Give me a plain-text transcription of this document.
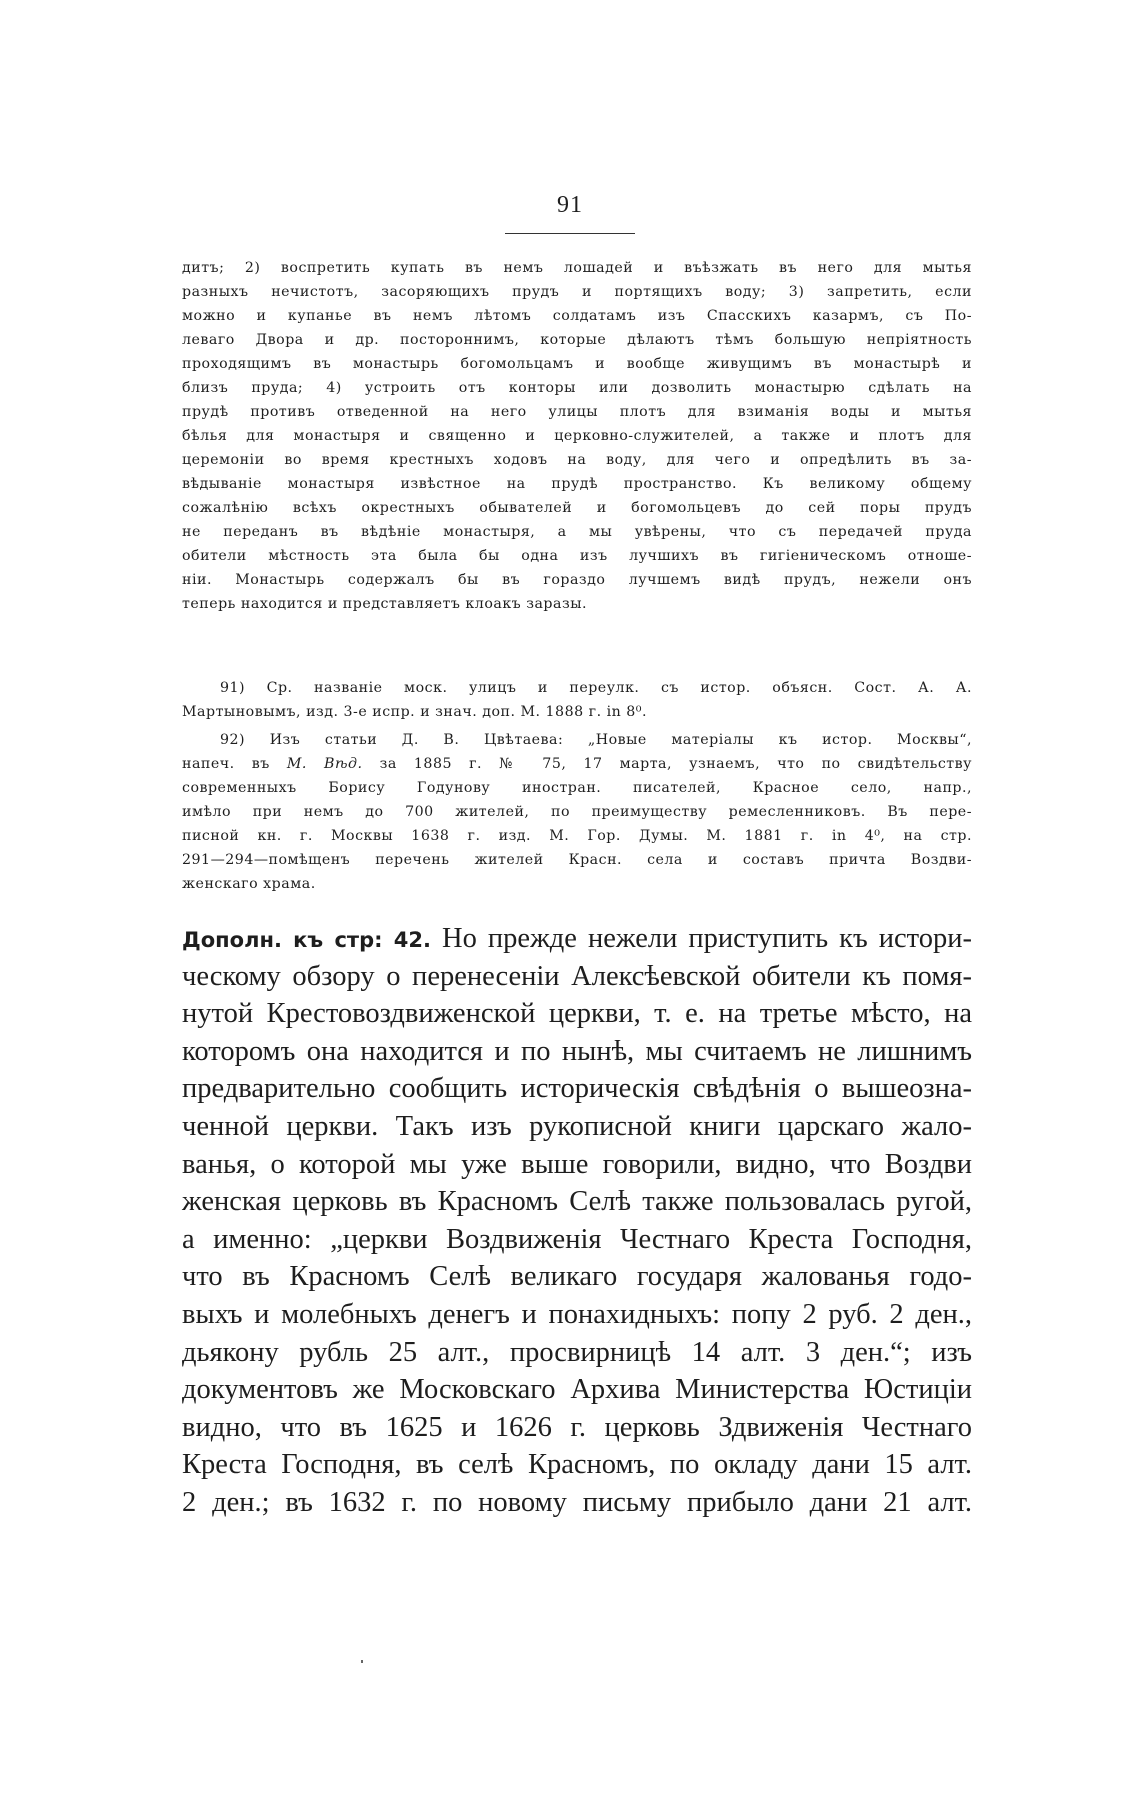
91
дитъ; 2) воспретить купать въ немъ лошадей и въѣзжать въ него для мытья
разныхъ нечистотъ, засоряющихъ прудъ и портящихъ воду; 3) запретить, если
можно и купанье въ немъ лѣтомъ солдатамъ изъ Спасскихъ казармъ, съ По-
леваго Двора и др. постороннимъ, которые дѣлаютъ тѣмъ большую непріятность
проходящимъ въ монастырь богомольцамъ и вообще живущимъ въ монастырѣ и
близъ пруда; 4) устроить отъ конторы или дозволить монастырю сдѣлать на
прудѣ противъ отведенной на него улицы плотъ для взиманія воды и мытья
бѣлья для монастыря и священно и церковно-служителей, а также и плотъ для
церемоніи во время крестныхъ ходовъ на воду, для чего и опредѣлить въ за-
вѣдываніе монастыря извѣстное на прудѣ пространство. Къ великому общему
сожалѣнію всѣхъ окрестныхъ обывателей и богомольцевъ до сей поры прудъ
не переданъ въ вѣдѣніе монастыря, а мы увѣрены, что съ передачей пруда
обители мѣстность эта была бы одна изъ лучшихъ въ гигіеническомъ отноше-
ніи. Монастырь содержалъ бы въ гораздо лучшемъ видѣ прудъ, нежели онъ
теперь находится и представляетъ клоакъ заразы.
91) Ср. названіе моск. улицъ и переулк. съ истор. объясн. Сост. А. А.
Мартыновымъ, изд. 3-е испр. и знач. доп. М. 1888 г. in 8⁰.
92) Изъ статьи Д. В. Цвѣтаева: „Новые матеріалы къ истор. Москвы“,
напеч. въ М. Вѣд. за 1885 г. № 75, 17 марта, узнаемъ, что по свидѣтельству
современныхъ Борису Годунову иностран. писателей, Красное село, напр.,
имѣло при немъ до 700 жителей, по преимуществу ремесленниковъ. Въ пере-
писной кн. г. Москвы 1638 г. изд. М. Гор. Думы. М. 1881 г. in 4⁰, на стр.
291—294—помѣщенъ перечень жителей Красн. села и составъ причта Воздви-
женскаго храма.
Дополн. къ стр: 42. Но прежде нежели приступить къ истори-
ческому обзору о перенесеніи Алексѣевской обители къ помя-
нутой Крестовоздвиженской церкви, т. е. на третье мѣсто, на
которомъ она находится и по нынѣ, мы считаемъ не лишнимъ
предварительно сообщить историческія свѣдѣнія о вышеозна-
ченной церкви. Такъ изъ рукописной книги царскаго жало-
ванья, о которой мы уже выше говорили, видно, что Воздви
женская церковь въ Красномъ Селѣ также пользовалась ругой,
а именно: „церкви Воздвиженія Честнаго Креста Господня,
что въ Красномъ Селѣ великаго государя жалованья годо-
выхъ и молебныхъ денегъ и понахидныхъ: попу 2 руб. 2 ден.,
дьякону рубль 25 алт., просвирницѣ 14 алт. 3 ден.“; изъ
документовъ же Московскаго Архива Министерства Юстиціи
видно, что въ 1625 и 1626 г. церковь Здвиженія Честнаго
Креста Господня, въ селѣ Красномъ, по окладу дани 15 алт.
2 ден.; въ 1632 г. по новому письму прибыло дани 21 алт.
